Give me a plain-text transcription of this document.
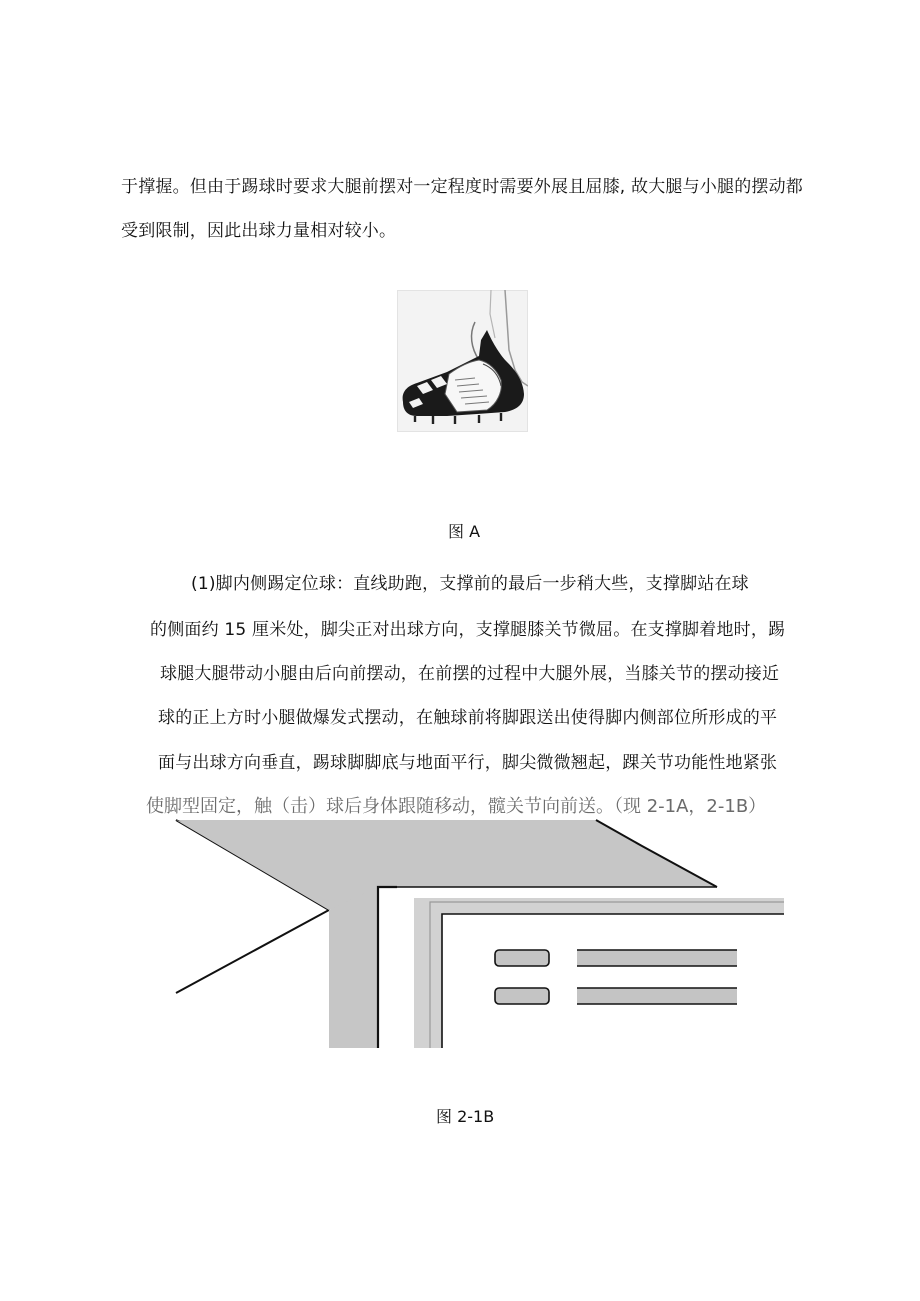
于撑握。但由于踢球时要求大腿前摆对一定程度时需要外展且屈膝, 故大腿与小腿的摆动都

受到限制，因此出球力量相对较小。

图 A

(1)脚内侧踢定位球：直线助跑，支撑前的最后一步稍大些，支撑脚站在球

的侧面约 15 厘米处，脚尖正对出球方向，支撑腿膝关节微屈。在支撑脚着地时，踢

球腿大腿带动小腿由后向前摆动，在前摆的过程中大腿外展，当膝关节的摆动接近

球的正上方时小腿做爆发式摆动，在触球前将脚跟送出使得脚内侧部位所形成的平

面与出球方向垂直，踢球脚脚底与地面平行，脚尖微微翘起，踝关节功能性地紧张

使脚型固定，触（击）球后身体跟随移动，髋关节向前送。（现 2-1A，2-1B）

图 2-1B
